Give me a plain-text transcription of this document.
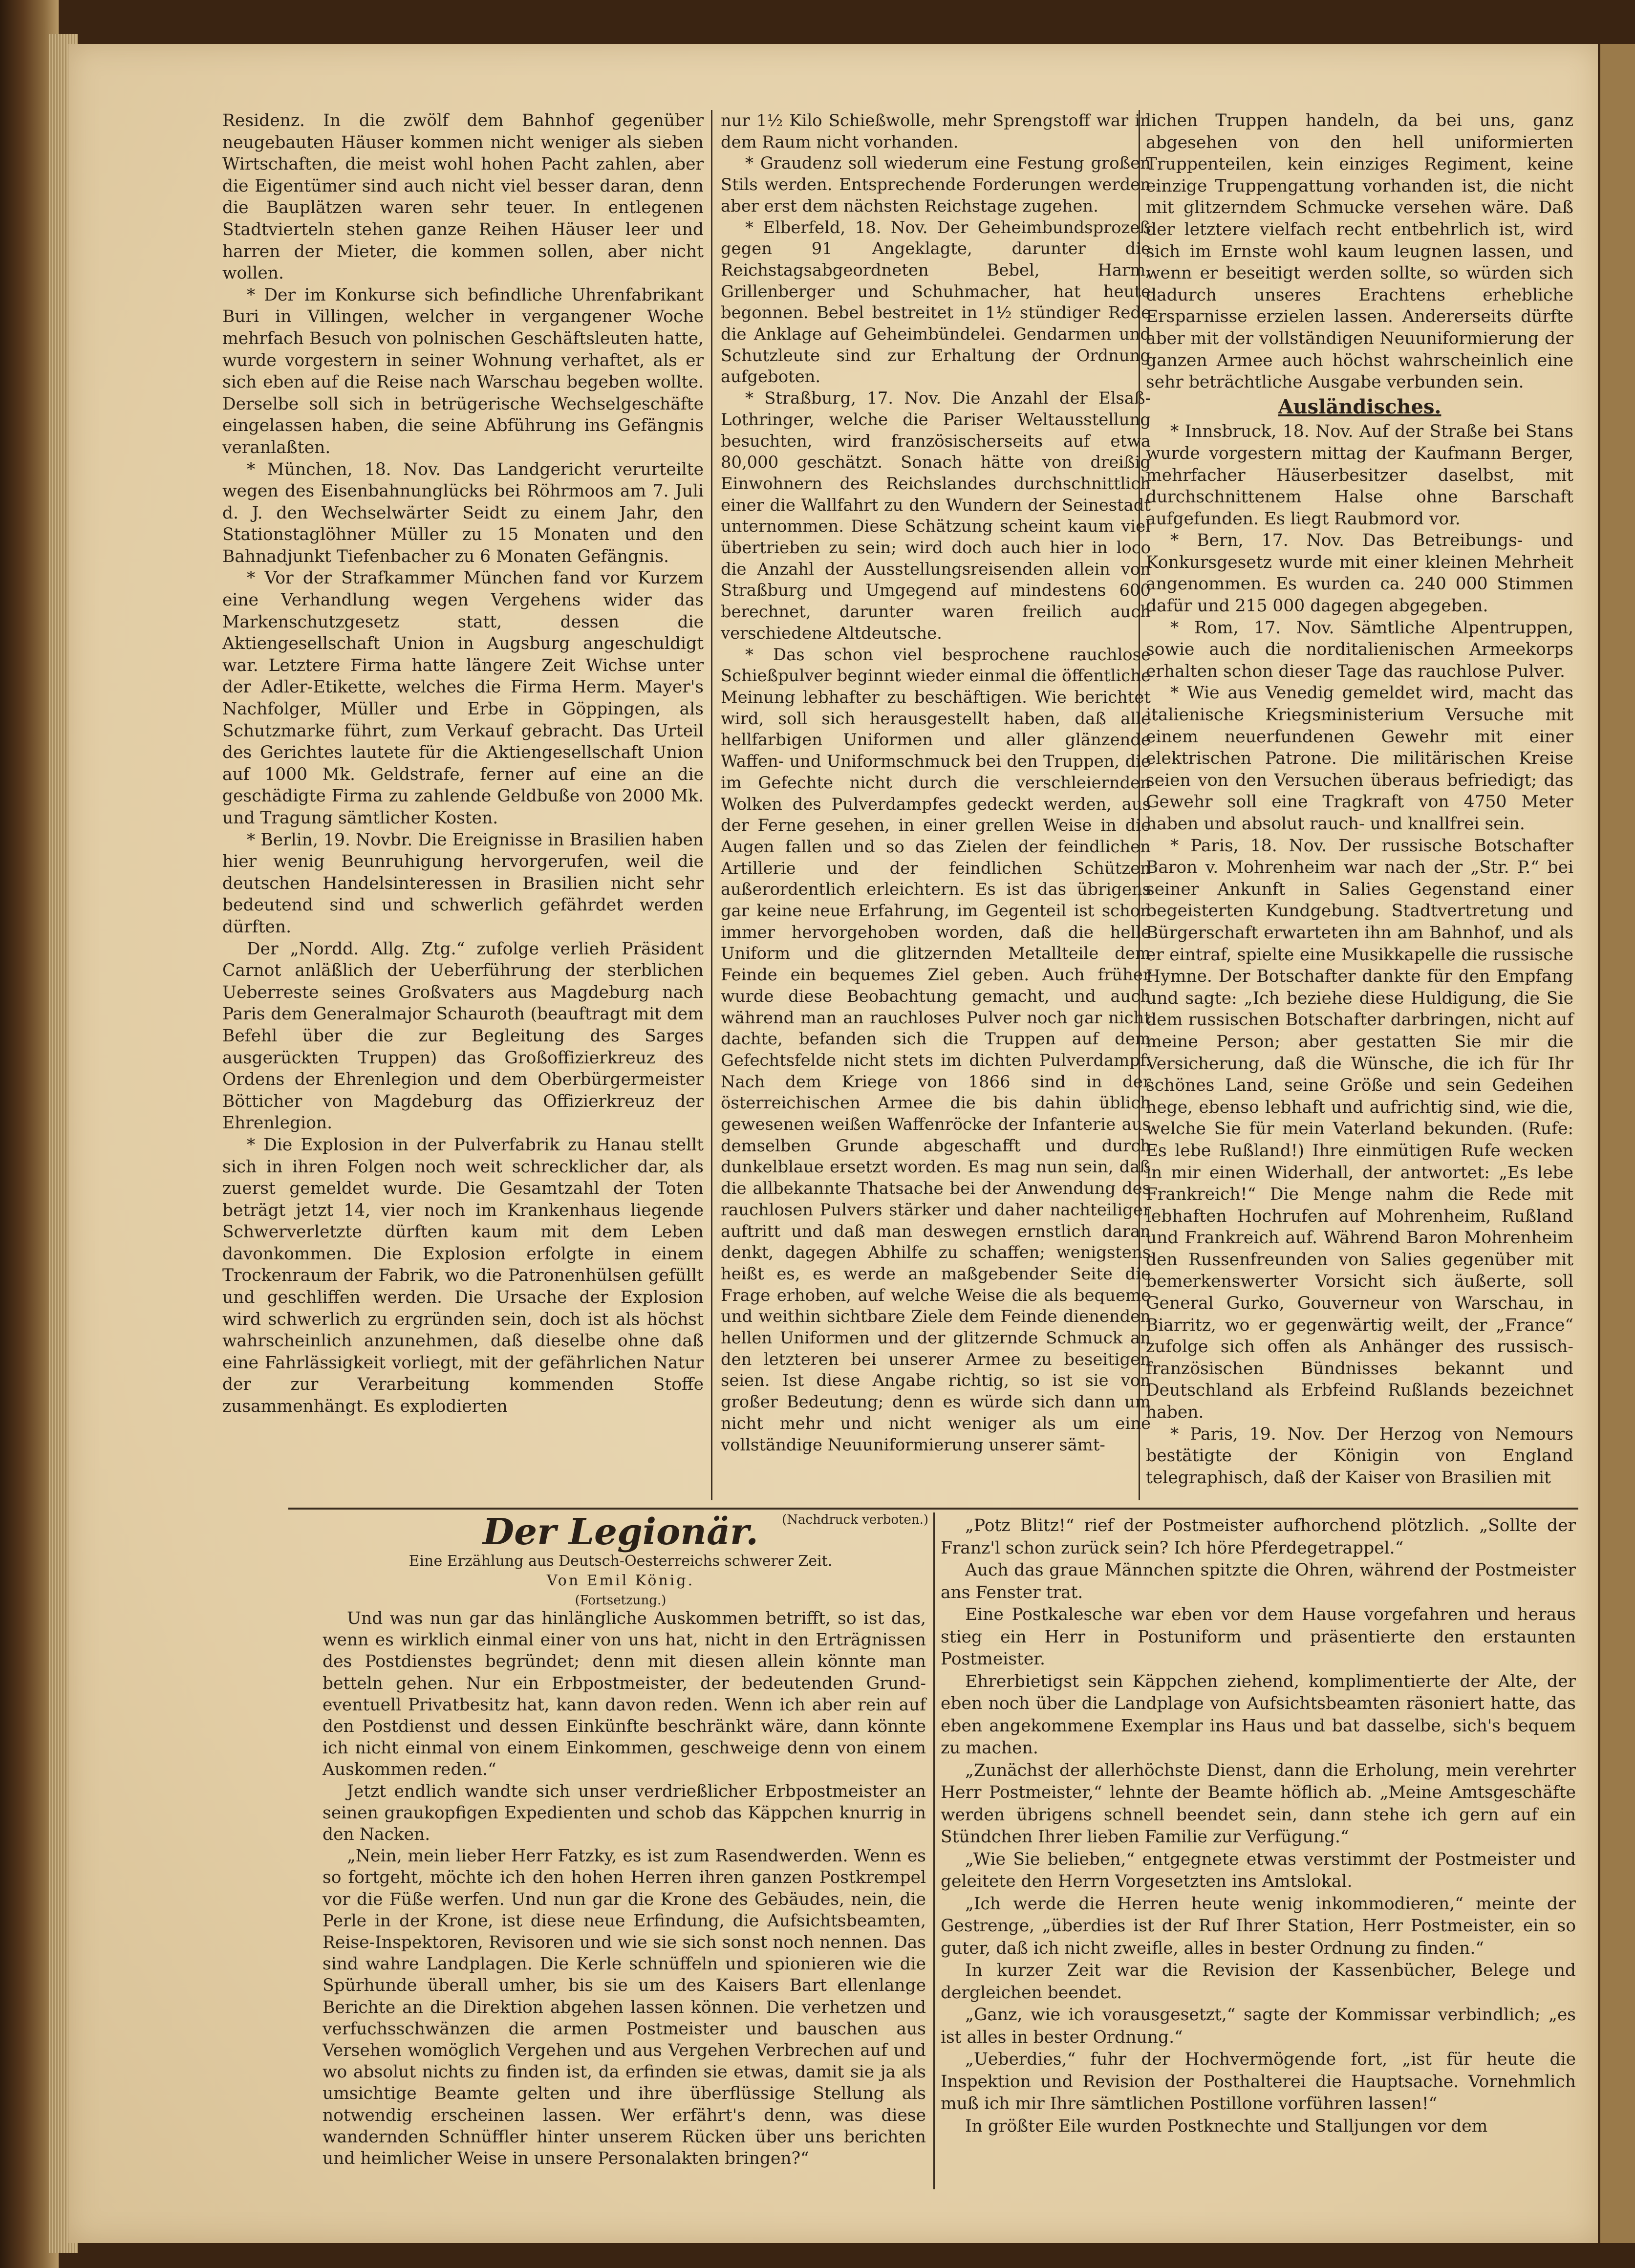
Residenz. In die zwölf dem Bahnhof gegenüber neugebauten Häuser kommen nicht weniger als sieben Wirtschaften, die meist wohl hohen Pacht zahlen, aber die Eigentümer sind auch nicht viel besser daran, denn die Bauplätzen waren sehr teuer. In entlegenen Stadtvierteln stehen ganze Reihen Häuser leer und harren der Mieter, die kommen sollen, aber nicht wollen.

* Der im Konkurse sich befindliche Uhrenfabrikant Buri in Villingen, welcher in vergangener Woche mehrfach Besuch von polnischen Geschäftsleuten hatte, wurde vorgestern in seiner Wohnung verhaftet, als er sich eben auf die Reise nach Warschau begeben wollte. Derselbe soll sich in betrügerische Wechselgeschäfte eingelassen haben, die seine Abführung ins Gefängnis veranlaßten.

* München, 18. Nov. Das Landgericht verurteilte wegen des Eisenbahnunglücks bei Röhrmoos am 7. Juli d. J. den Wechselwärter Seidt zu einem Jahr, den Stationstaglöhner Müller zu 15 Monaten und den Bahnadjunkt Tiefenbacher zu 6 Monaten Gefängnis.

* Vor der Strafkammer München fand vor Kurzem eine Verhandlung wegen Vergehens wider das Markenschutzgesetz statt, dessen die Aktiengesellschaft Union in Augsburg angeschuldigt war. Letztere Firma hatte längere Zeit Wichse unter der Adler-Etikette, welches die Firma Herm. Mayer's Nachfolger, Müller und Erbe in Göppingen, als Schutzmarke führt, zum Verkauf gebracht. Das Urteil des Gerichtes lautete für die Aktiengesellschaft Union auf 1000 Mk. Geldstrafe, ferner auf eine an die geschädigte Firma zu zahlende Geldbuße von 2000 Mk. und Tragung sämtlicher Kosten.

* Berlin, 19. Novbr. Die Ereignisse in Brasilien haben hier wenig Beunruhigung hervorgerufen, weil die deutschen Handelsinteressen in Brasilien nicht sehr bedeutend sind und schwerlich gefährdet werden dürften.

Der „Nordd. Allg. Ztg.“ zufolge verlieh Präsident Carnot anläßlich der Ueberführung der sterblichen Ueberreste seines Großvaters aus Magdeburg nach Paris dem Generalmajor Schauroth (beauftragt mit dem Befehl über die zur Begleitung des Sarges ausgerückten Truppen) das Großoffizierkreuz des Ordens der Ehrenlegion und dem Oberbürgermeister Bötticher von Magdeburg das Offizierkreuz der Ehrenlegion.

* Die Explosion in der Pulverfabrik zu Hanau stellt sich in ihren Folgen noch weit schrecklicher dar, als zuerst gemeldet wurde. Die Gesamtzahl der Toten beträgt jetzt 14, vier noch im Krankenhaus liegende Schwerverletzte dürften kaum mit dem Leben davonkommen. Die Explosion erfolgte in einem Trockenraum der Fabrik, wo die Patronenhülsen gefüllt und geschliffen werden. Die Ursache der Explosion wird schwerlich zu ergründen sein, doch ist als höchst wahrscheinlich anzunehmen, daß dieselbe ohne daß eine Fahrlässigkeit vorliegt, mit der gefährlichen Natur der zur Verarbeitung kommenden Stoffe zusammenhängt. Es explodierten

nur 1½ Kilo Schießwolle, mehr Sprengstoff war in dem Raum nicht vorhanden.

* Graudenz soll wiederum eine Festung großen Stils werden. Entsprechende Forderungen werden aber erst dem nächsten Reichstage zugehen.

* Elberfeld, 18. Nov. Der Geheimbundsprozeß gegen 91 Angeklagte, darunter die Reichstagsabgeordneten Bebel, Harm, Grillenberger und Schuhmacher, hat heute begonnen. Bebel bestreitet in 1½ stündiger Rede die Anklage auf Geheimbündelei. Gendarmen und Schutzleute sind zur Erhaltung der Ordnung aufgeboten.

* Straßburg, 17. Nov. Die Anzahl der Elsaß-Lothringer, welche die Pariser Weltausstellung besuchten, wird französischerseits auf etwa 80,000 geschätzt. Sonach hätte von dreißig Einwohnern des Reichslandes durchschnittlich einer die Wallfahrt zu den Wundern der Seinestadt unternommen. Diese Schätzung scheint kaum viel übertrieben zu sein; wird doch auch hier in loco die Anzahl der Ausstellungsreisenden allein von Straßburg und Umgegend auf mindestens 600 berechnet, darunter waren freilich auch verschiedene Altdeutsche.

* Das schon viel besprochene rauchlose Schießpulver beginnt wieder einmal die öffentliche Meinung lebhafter zu beschäftigen. Wie berichtet wird, soll sich herausgestellt haben, daß alle hellfarbigen Uniformen und aller glänzende Waffen- und Uniformschmuck bei den Truppen, die im Gefechte nicht durch die verschleiernden Wolken des Pulverdampfes gedeckt werden, aus der Ferne gesehen, in einer grellen Weise in die Augen fallen und so das Zielen der feindlichen Artillerie und der feindlichen Schützen außerordentlich erleichtern. Es ist das übrigens gar keine neue Erfahrung, im Gegenteil ist schon immer hervorgehoben worden, daß die helle Uniform und die glitzernden Metallteile dem Feinde ein bequemes Ziel geben. Auch früher wurde diese Beobachtung gemacht, und auch während man an rauchloses Pulver noch gar nicht dachte, befanden sich die Truppen auf dem Gefechtsfelde nicht stets im dichten Pulverdampf. Nach dem Kriege von 1866 sind in der österreichischen Armee die bis dahin üblich gewesenen weißen Waffenröcke der Infanterie aus demselben Grunde abgeschafft und durch dunkelblaue ersetzt worden. Es mag nun sein, daß die allbekannte Thatsache bei der Anwendung des rauchlosen Pulvers stärker und daher nachteiliger auftritt und daß man deswegen ernstlich daran denkt, dagegen Abhilfe zu schaffen; wenigstens heißt es, es werde an maßgebender Seite die Frage erhoben, auf welche Weise die als bequeme und weithin sichtbare Ziele dem Feinde dienenden hellen Uniformen und der glitzernde Schmuck an den letzteren bei unserer Armee zu beseitigen seien. Ist diese Angabe richtig, so ist sie von großer Bedeutung; denn es würde sich dann um nicht mehr und nicht weniger als um eine vollständige Neuuniformierung unserer sämt-

lichen Truppen handeln, da bei uns, ganz abgesehen von den hell uniformierten Truppenteilen, kein einziges Regiment, keine einzige Truppengattung vorhanden ist, die nicht mit glitzerndem Schmucke versehen wäre. Daß der letztere vielfach recht entbehrlich ist, wird sich im Ernste wohl kaum leugnen lassen, und wenn er beseitigt werden sollte, so würden sich dadurch unseres Erachtens erhebliche Ersparnisse erzielen lassen. Andererseits dürfte aber mit der vollständigen Neuuniformierung der ganzen Armee auch höchst wahrscheinlich eine sehr beträchtliche Ausgabe verbunden sein.

Ausländisches.

* Innsbruck, 18. Nov. Auf der Straße bei Stans wurde vorgestern mittag der Kaufmann Berger, mehrfacher Häuserbesitzer daselbst, mit durchschnittenem Halse ohne Barschaft aufgefunden. Es liegt Raubmord vor.

* Bern, 17. Nov. Das Betreibungs- und Konkursgesetz wurde mit einer kleinen Mehrheit angenommen. Es wurden ca. 240 000 Stimmen dafür und 215 000 dagegen abgegeben.

* Rom, 17. Nov. Sämtliche Alpentruppen, sowie auch die norditalienischen Armeekorps erhalten schon dieser Tage das rauchlose Pulver.

* Wie aus Venedig gemeldet wird, macht das italienische Kriegsministerium Versuche mit einem neuerfundenen Gewehr mit einer elektrischen Patrone. Die militärischen Kreise seien von den Versuchen überaus befriedigt; das Gewehr soll eine Tragkraft von 4750 Meter haben und absolut rauch- und knallfrei sein.

* Paris, 18. Nov. Der russische Botschafter Baron v. Mohrenheim war nach der „Str. P.“ bei seiner Ankunft in Salies Gegenstand einer begeisterten Kundgebung. Stadtvertretung und Bürgerschaft erwarteten ihn am Bahnhof, und als er eintraf, spielte eine Musikkapelle die russische Hymne. Der Botschafter dankte für den Empfang und sagte: „Ich beziehe diese Huldigung, die Sie dem russischen Botschafter darbringen, nicht auf meine Person; aber gestatten Sie mir die Versicherung, daß die Wünsche, die ich für Ihr schönes Land, seine Größe und sein Gedeihen hege, ebenso lebhaft und aufrichtig sind, wie die, welche Sie für mein Vaterland bekunden. (Rufe: Es lebe Rußland!) Ihre einmütigen Rufe wecken in mir einen Widerhall, der antwortet: „Es lebe Frankreich!“ Die Menge nahm die Rede mit lebhaften Hochrufen auf Mohrenheim, Rußland und Frankreich auf. Während Baron Mohrenheim den Russenfreunden von Salies gegenüber mit bemerkenswerter Vorsicht sich äußerte, soll General Gurko, Gouverneur von Warschau, in Biarritz, wo er gegenwärtig weilt, der „France“ zufolge sich offen als Anhänger des russisch-französischen Bündnisses bekannt und Deutschland als Erbfeind Rußlands bezeichnet haben.

* Paris, 19. Nov. Der Herzog von Nemours bestätigte der Königin von England telegraphisch, daß der Kaiser von Brasilien mit

Der Legionär.	(Nachdruck verboten.)
Eine Erzählung aus Deutsch-Oesterreichs schwerer Zeit.
Von Emil König.
(Fortsetzung.)

Und was nun gar das hinlängliche Auskommen betrifft, so ist das, wenn es wirklich einmal einer von uns hat, nicht in den Erträgnissen des Postdienstes begründet; denn mit diesen allein könnte man betteln gehen. Nur ein Erbpostmeister, der bedeutenden Grund- eventuell Privatbesitz hat, kann davon reden. Wenn ich aber rein auf den Postdienst und dessen Einkünfte beschränkt wäre, dann könnte ich nicht einmal von einem Einkommen, geschweige denn von einem Auskommen reden.“

Jetzt endlich wandte sich unser verdrießlicher Erbpostmeister an seinen graukopfigen Expedienten und schob das Käppchen knurrig in den Nacken.

„Nein, mein lieber Herr Fatzky, es ist zum Rasendwerden. Wenn es so fortgeht, möchte ich den hohen Herren ihren ganzen Postkrempel vor die Füße werfen. Und nun gar die Krone des Gebäudes, nein, die Perle in der Krone, ist diese neue Erfindung, die Aufsichtsbeamten, Reise-Inspektoren, Revisoren und wie sie sich sonst noch nennen. Das sind wahre Landplagen. Die Kerle schnüffeln und spionieren wie die Spürhunde überall umher, bis sie um des Kaisers Bart ellenlange Berichte an die Direktion abgehen lassen können. Die verhetzen und verfuchsschwänzen die armen Postmeister und bauschen aus Versehen womöglich Vergehen und aus Vergehen Verbrechen auf und wo absolut nichts zu finden ist, da erfinden sie etwas, damit sie ja als umsichtige Beamte gelten und ihre überflüssige Stellung als notwendig erscheinen lassen. Wer erfährt's denn, was diese wandernden Schnüffler hinter unserem Rücken über uns berichten und heimlicher Weise in unsere Personalakten bringen?“

„Potz Blitz!“ rief der Postmeister aufhorchend plötzlich. „Sollte der Franz'l schon zurück sein? Ich höre Pferdegetrappel.“

Auch das graue Männchen spitzte die Ohren, während der Postmeister ans Fenster trat.

Eine Postkalesche war eben vor dem Hause vorgefahren und heraus stieg ein Herr in Postuniform und präsentierte den erstaunten Postmeister.

Ehrerbietigst sein Käppchen ziehend, komplimentierte der Alte, der eben noch über die Landplage von Aufsichtsbeamten räsoniert hatte, das eben angekommene Exemplar ins Haus und bat dasselbe, sich's bequem zu machen.

„Zunächst der allerhöchste Dienst, dann die Erholung, mein verehrter Herr Postmeister,“ lehnte der Beamte höflich ab. „Meine Amtsgeschäfte werden übrigens schnell beendet sein, dann stehe ich gern auf ein Stündchen Ihrer lieben Familie zur Verfügung.“

„Wie Sie belieben,“ entgegnete etwas verstimmt der Postmeister und geleitete den Herrn Vorgesetzten ins Amtslokal.

„Ich werde die Herren heute wenig inkommodieren,“ meinte der Gestrenge, „überdies ist der Ruf Ihrer Station, Herr Postmeister, ein so guter, daß ich nicht zweifle, alles in bester Ordnung zu finden.“

In kurzer Zeit war die Revision der Kassenbücher, Belege und dergleichen beendet.

„Ganz, wie ich vorausgesetzt,“ sagte der Kommissar verbindlich; „es ist alles in bester Ordnung.“

„Ueberdies,“ fuhr der Hochvermögende fort, „ist für heute die Inspektion und Revision der Posthalterei die Hauptsache. Vornehmlich muß ich mir Ihre sämtlichen Postillone vorführen lassen!“

In größter Eile wurden Postknechte und Stalljungen vor dem
